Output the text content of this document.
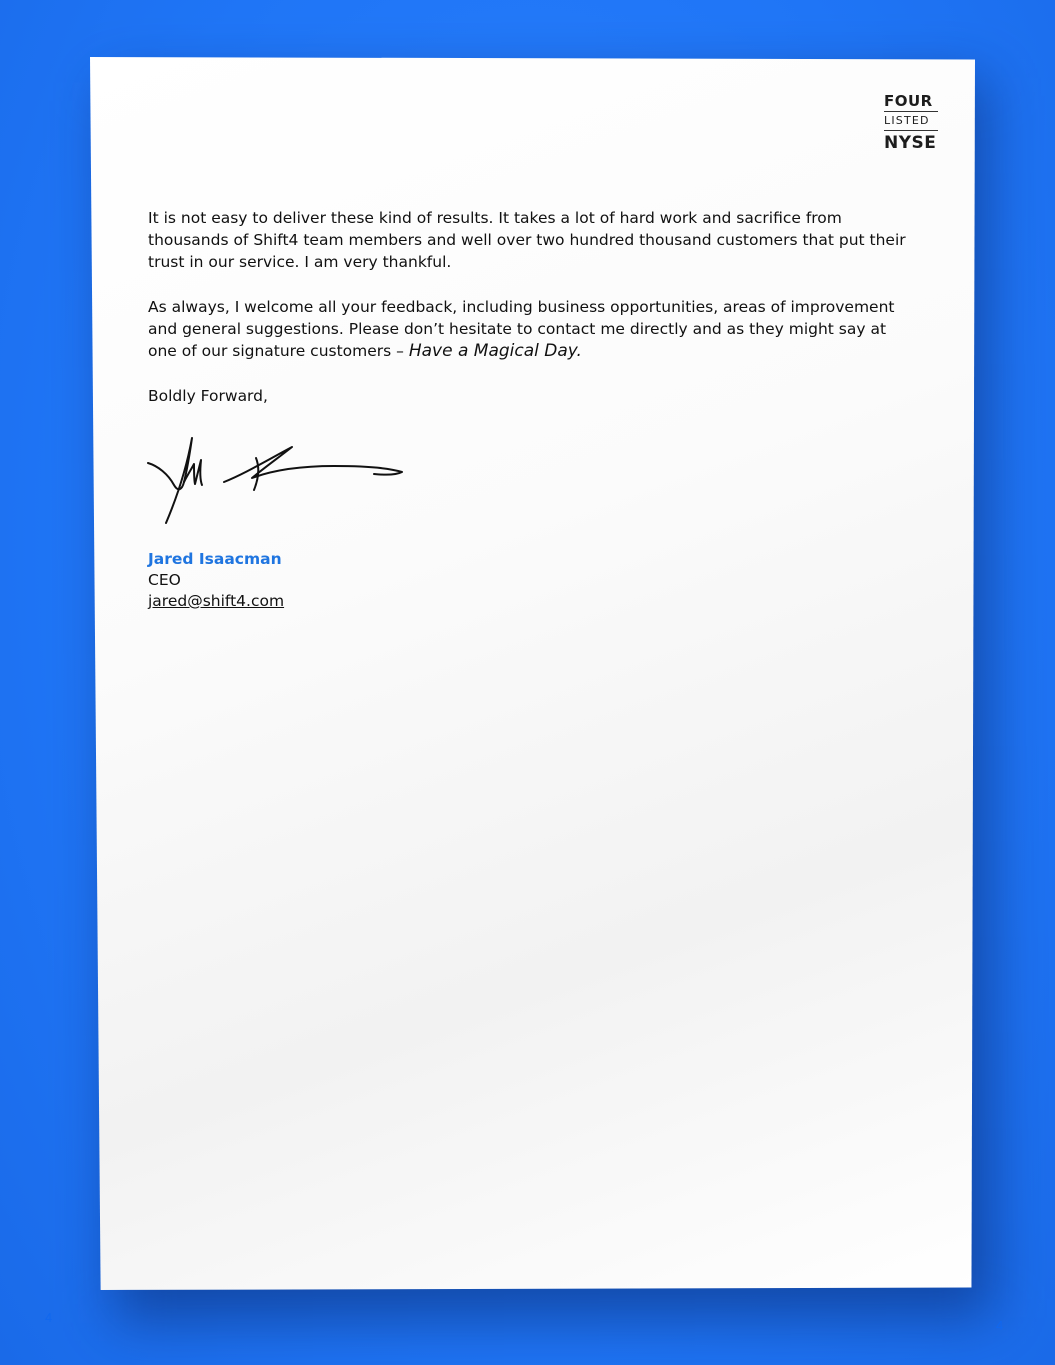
FOUR
LISTED
NYSE

It is not easy to deliver these kind of results. It takes a lot of hard work and sacrifice from thousands of Shift4 team members and well over two hundred thousand customers that put their trust in our service. I am very thankful.

As always, I welcome all your feedback, including business opportunities, areas of improvement and general suggestions. Please don’t hesitate to contact me directly and as they might say at one of our signature customers – Have a Magical Day.

Boldly Forward,

Jared Isaacman
CEO
jared@shift4.com
4
4
